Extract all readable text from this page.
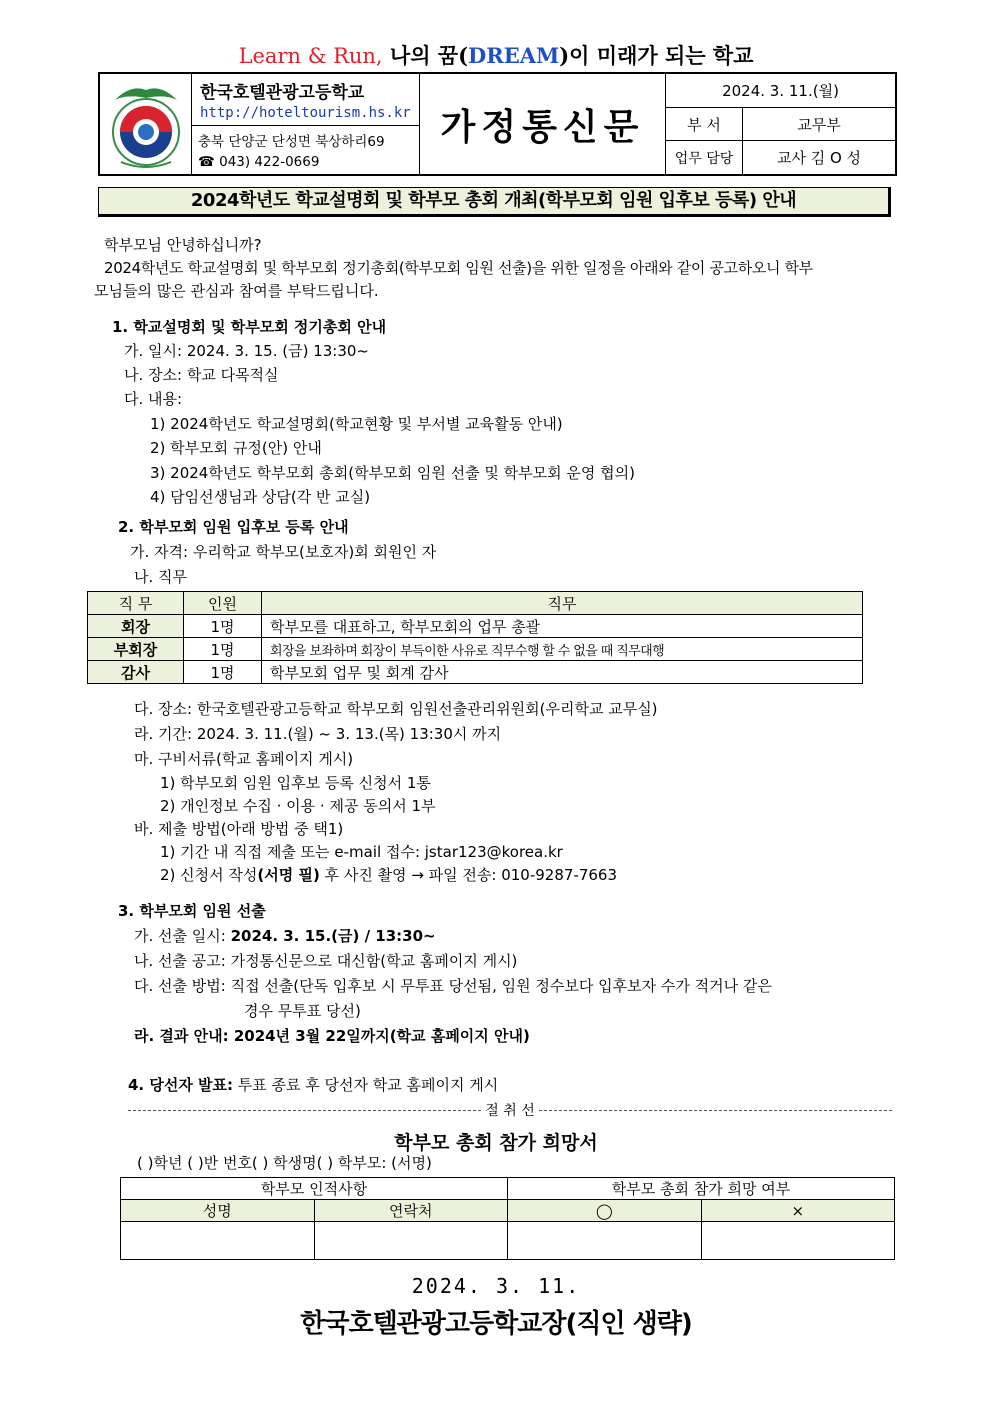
Learn & Run, 나의 꿈(DREAM)이 미래가 되는 학교
한국호텔관광고등학교
http://hoteltourism.hs.kr
충북 단양군 단성면 북상하리69
☎ 043) 422-0669
가정통신문
2024. 3. 11.(월)
부 서	교무부
업무 담당	교사 김 O 성
2024학년도 학교설명회 및 학부모 총회 개최(학부모회 임원 입후보 등록) 안내
학부모님 안녕하십니까?
2024학년도 학교설명회 및 학부모회 정기총회(학부모회 임원 선출)을 위한 일정을 아래와 같이 공고하오니 학부
모님들의 많은 관심과 참여를 부탁드립니다.
1. 학교설명회 및 학부모회 정기총회 안내
가. 일시: 2024. 3. 15. (금) 13:30~
나. 장소: 학교 다목적실
다. 내용:
1) 2024학년도 학교설명회(학교현황 및 부서별 교육활동 안내)
2) 학부모회 규정(안) 안내
3) 2024학년도 학부모회 총회(학부모회 임원 선출 및 학부모회 운영 협의)
4) 담임선생님과 상담(각 반 교실)
2. 학부모회 임원 입후보 등록 안내
가. 자격: 우리학교 학부모(보호자)회 회원인 자
나. 직무
직 무	인원	직무
회장	1명	학부모를 대표하고, 학부모회의 업무 총괄
부회장	1명	회장을 보좌하며 회장이 부득이한 사유로 직무수행 할 수 없을 때 직무대행
감사	1명	학부모회 업무 및 회계 감사
다. 장소: 한국호텔관광고등학교 학부모회 임원선출관리위원회(우리학교 교무실)
라. 기간: 2024. 3. 11.(월) ~ 3. 13.(목) 13:30시 까지
마. 구비서류(학교 홈페이지 게시)
1) 학부모회 임원 입후보 등록 신청서 1통
2) 개인정보 수집 · 이용 · 제공 동의서 1부
바. 제출 방법(아래 방법 중 택1)
1) 기간 내 직접 제출 또는 e-mail 접수: jstar123@korea.kr
2) 신청서 작성(서명 필) 후 사진 촬영 → 파일 전송: 010-9287-7663
3. 학부모회 임원 선출
가. 선출 일시: 2024. 3. 15.(금) / 13:30~
나. 선출 공고: 가정통신문으로 대신함(학교 홈페이지 게시)
다. 선출 방법: 직접 선출(단독 입후보 시 무투표 당선됨, 임원 정수보다 입후보자 수가 적거나 같은
경우 무투표 당선)
라. 결과 안내: 2024년 3월 22일까지(학교 홈페이지 안내)
4. 당선자 발표: 투표 종료 후 당선자 학교 홈페이지 게시
절 취 선
학부모 총회 참가 희망서
( )학년 ( )반 번호( ) 학생명( ) 학부모: (서명)
학부모 인적사항		학부모 총회 참가 희망 여부	
성명	연락처	◯	×

2024. 3. 11.
한국호텔관광고등학교장(직인 생략)
